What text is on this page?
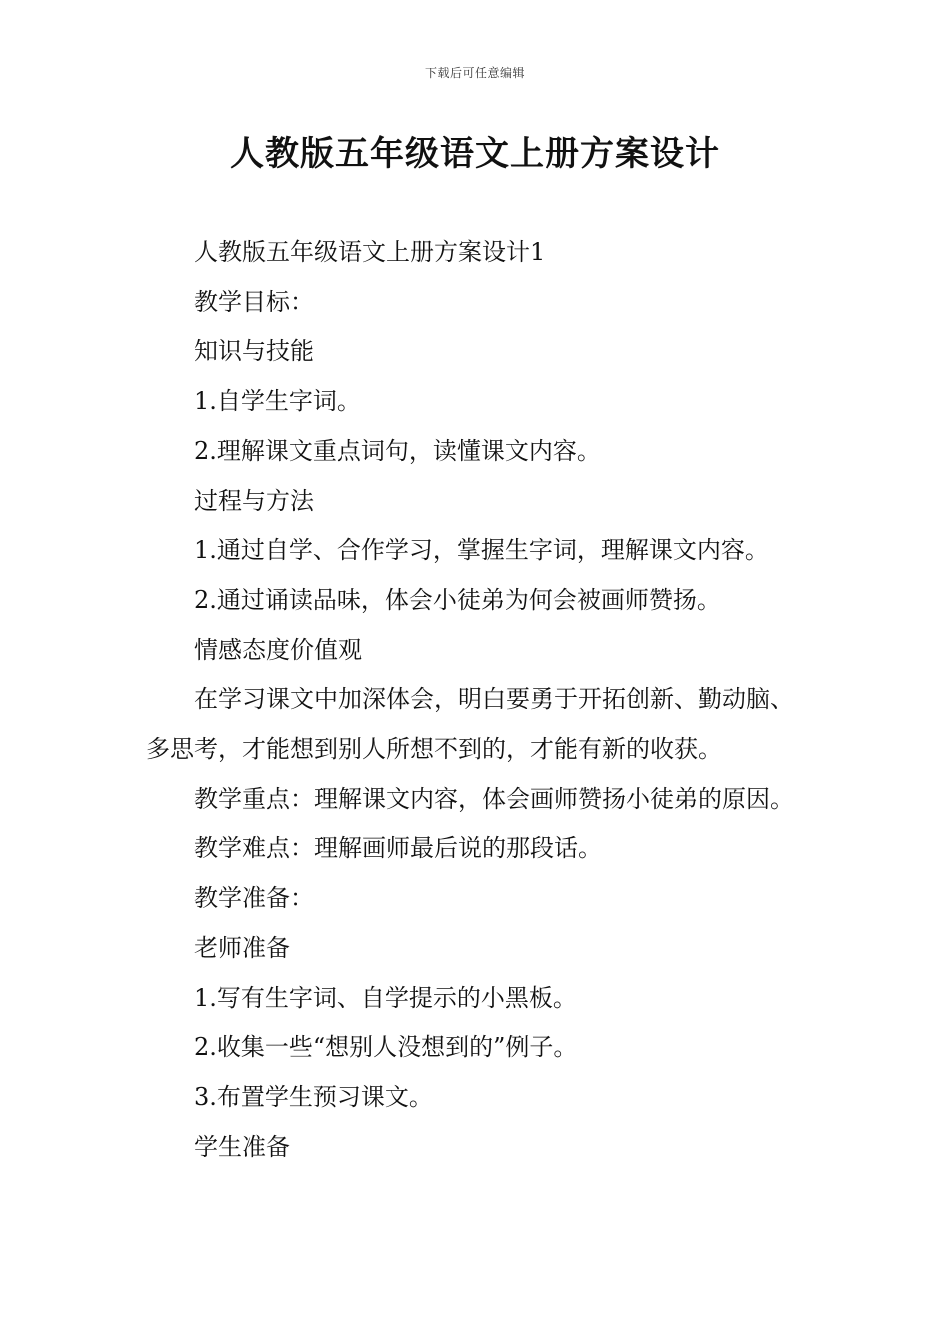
下载后可任意编辑
人教版五年级语文上册方案设计

人教版五年级语文上册方案设计1

教学目标：

知识与技能

1.自学生字词。

2.理解课文重点词句，读懂课文内容。

过程与方法

1.通过自学、合作学习，掌握生字词，理解课文内容。

2.通过诵读品味，体会小徒弟为何会被画师赞扬。

情感态度价值观

在学习课文中加深体会，明白要勇于开拓创新、勤动脑、多思考，才能想到别人所想不到的，才能有新的收获。

教学重点：理解课文内容，体会画师赞扬小徒弟的原因。

教学难点：理解画师最后说的那段话。

教学准备：

老师准备

1.写有生字词、自学提示的小黑板。

2.收集一些“想别人没想到的”例子。

3.布置学生预习课文。

学生准备
